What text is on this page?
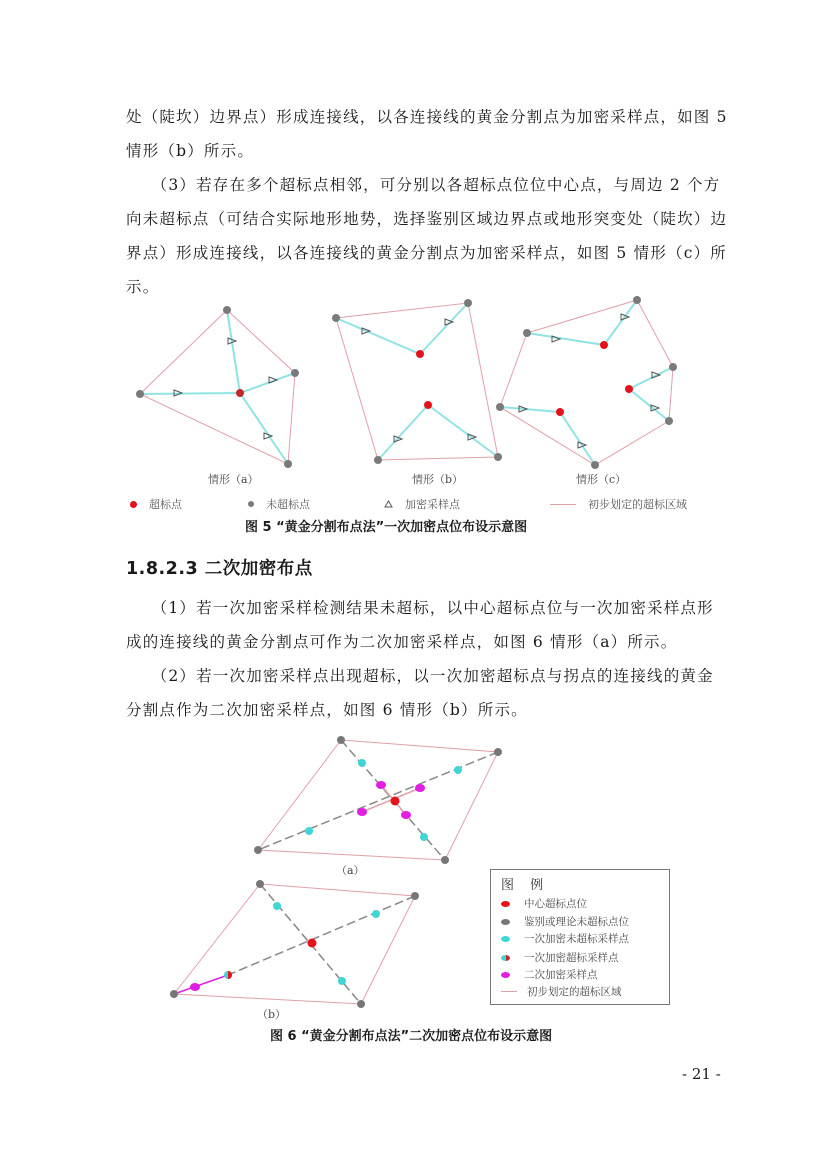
处（陡坎）边界点）形成连接线，以各连接线的黄金分割点为加密采样点，如图 5
情形（b）所示。
　　（3）若存在多个超标点相邻，可分别以各超标点位位中心点，与周边 2 个方
向未超标点（可结合实际地形地势，选择鉴别区域边界点或地形突变处（陡坎）边
界点）形成连接线，以各连接线的黄金分割点为加密采样点，如图 5 情形（c）所
示。
情形（a）	情形（b）	情形（c）
超标点	未超标点	加密采样点	初步划定的超标区域
图 5 “黄金分割布点法”一次加密点位布设示意图
1.8.2.3 二次加密布点
　　（1）若一次加密采样检测结果未超标，以中心超标点位与一次加密采样点形
成的连接线的黄金分割点可作为二次加密采样点，如图 6 情形（a）所示。
　　（2）若一次加密采样点出现超标，以一次加密超标点与拐点的连接线的黄金
分割点作为二次加密采样点，如图 6 情形（b）所示。
（a）
（b）
图 例
中心超标点位
鉴别或理论未超标点位
一次加密未超标采样点
一次加密超标采样点
二次加密采样点
初步划定的超标区域
图 6 “黄金分割布点法”二次加密点位布设示意图
- 21 -
